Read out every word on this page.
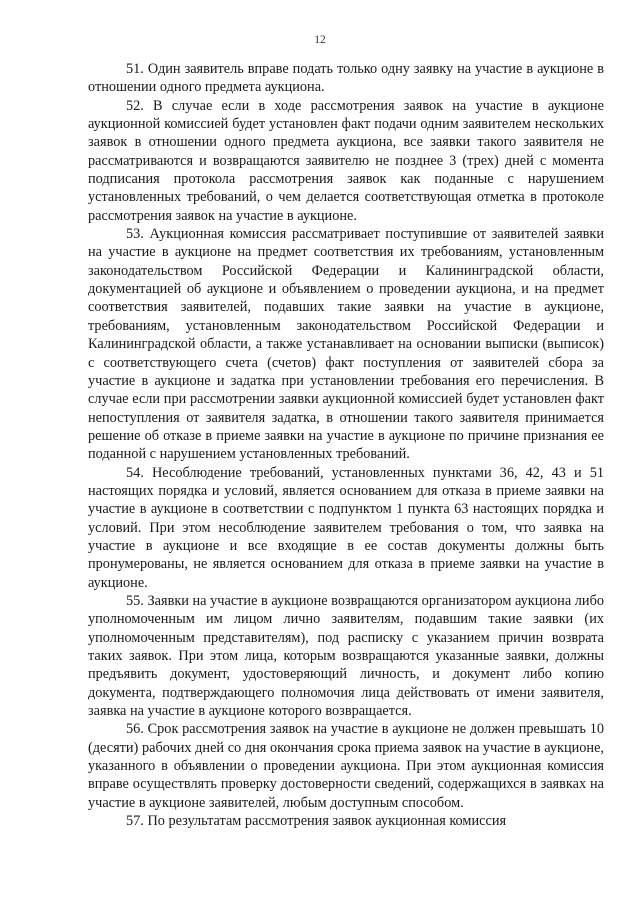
12

51. Один заявитель вправе подать только одну заявку на участие в аукционе в отношении одного предмета аукциона.

52. В случае если в ходе рассмотрения заявок на участие в аукционе аукционной комиссией будет установлен факт подачи одним заявителем нескольких заявок в отношении одного предмета аукциона, все заявки такого заявителя не рассматриваются и возвращаются заявителю не позднее 3 (трех) дней с момента подписания протокола рассмотрения заявок как поданные с нарушением установленных требований, о чем делается соответствующая отметка в протоколе рассмотрения заявок на участие в аукционе.

53. Аукционная комиссия рассматривает поступившие от заявителей заявки на участие в аукционе на предмет соответствия их требованиям, установленным законодательством Российской Федерации и Калининградской области, документацией об аукционе и объявлением о проведении аукциона, и на предмет соответствия заявителей, подавших такие заявки на участие в аукционе, требованиям, установленным законодательством Российской Федерации и Калининградской области, а также устанавливает на основании выписки (выписок) с соответствующего счета (счетов) факт поступления от заявителей сбора за участие в аукционе и задатка при установлении требования его перечисления. В случае если при рассмотрении заявки аукционной комиссией будет установлен факт непоступления от заявителя задатка, в отношении такого заявителя принимается решение об отказе в приеме заявки на участие в аукционе по причине признания ее поданной с нарушением установленных требований.

54. Несоблюдение требований, установленных пунктами 36, 42, 43 и 51 настоящих порядка и условий, является основанием для отказа в приеме заявки на участие в аукционе в соответствии с подпунктом 1 пункта 63 настоящих порядка и условий. При этом несоблюдение заявителем требования о том, что заявка на участие в аукционе и все входящие в ее состав документы должны быть пронумерованы, не является основанием для отказа в приеме заявки на участие в аукционе.

55. Заявки на участие в аукционе возвращаются организатором аукциона либо уполномоченным им лицом лично заявителям, подавшим такие заявки (их уполномоченным представителям), под расписку с указанием причин возврата таких заявок. При этом лица, которым возвращаются указанные заявки, должны предъявить документ, удостоверяющий личность, и документ либо копию документа, подтверждающего полномочия лица действовать от имени заявителя, заявка на участие в аукционе которого возвращается.

56. Срок рассмотрения заявок на участие в аукционе не должен превышать 10 (десяти) рабочих дней со дня окончания срока приема заявок на участие в аукционе, указанного в объявлении о проведении аукциона. При этом аукционная комиссия вправе осуществлять проверку достоверности сведений, содержащихся в заявках на участие в аукционе заявителей, любым доступным способом.

57. По результатам рассмотрения заявок аукционная комиссия
